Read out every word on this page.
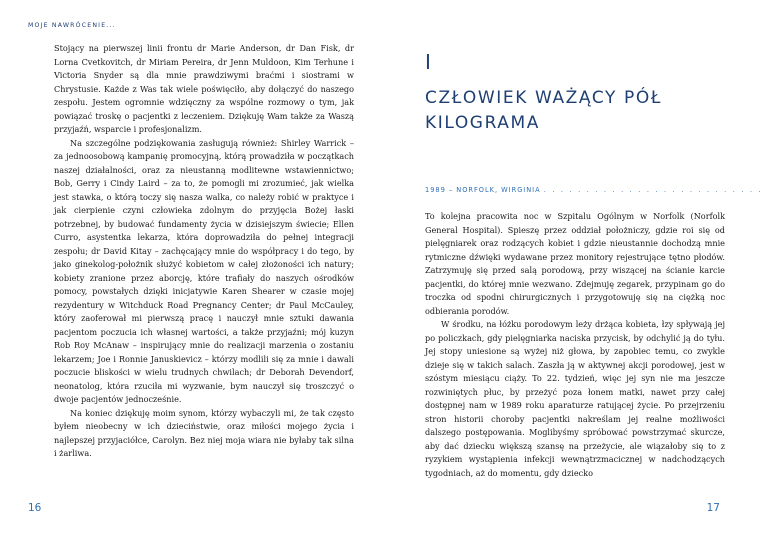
MOJE NAWRÓCENIE...

Stojący na pierwszej linii frontu dr Marie Anderson, dr Dan Fisk, dr Lorna Cvetkovitch, dr Miriam Pereira, dr Jenn Muldoon, Kim Terhune i Victoria Snyder są dla mnie prawdziwymi braćmi i siostrami w Chrystusie. Każde z Was tak wiele poświęciło, aby dołączyć do naszego zespołu. Jestem ogromnie wdzięczny za wspólne rozmowy o tym, jak powiązać troskę o pacjentki z leczeniem. Dziękuję Wam także za Waszą przyjaźń, wsparcie i profesjonalizm.

Na szczególne podziękowania zasługują również: Shirley Warrick – za jednoosobową kampanię promocyjną, którą prowadziła w początkach naszej działalności, oraz za nieustanną modlitewne wstawiennictwo; Bob, Gerry i Cindy Laird – za to, że pomogli mi zrozumieć, jak wielka jest stawka, o którą toczy się nasza walka, co należy robić w praktyce i jak cierpienie czyni człowieka zdolnym do przyjęcia Bożej łaski potrzebnej, by budować fundamenty życia w dzisiejszym świecie; Ellen Curro, asystentka lekarza, która doprowadziła do pełnej integracji zespołu; dr David Kitay – zachęcający mnie do współpracy i do tego, by jako ginekolog-położnik służyć kobietom w całej złożoności ich natury; kobiety zranione przez aborcję, które trafiały do naszych ośrodków pomocy, powstałych dzięki inicjatywie Karen Shearer w czasie mojej rezydentury w Witchduck Road Pregnancy Center; dr Paul McCauley, który zaoferował mi pierwszą pracę i nauczył mnie sztuki dawania pacjentom poczucia ich własnej wartości, a także przyjaźni; mój kuzyn Rob Roy McAnaw – inspirujący mnie do realizacji marzenia o zostaniu lekarzem; Joe i Ronnie Januskievicz – którzy modlili się za mnie i dawali poczucie bliskości w wielu trudnych chwilach; dr Deborah Devendorf, neonatolog, która rzuciła mi wyzwanie, bym nauczył się troszczyć o dwoje pacjentów jednocześnie.

Na koniec dziękuję moim synom, którzy wybaczyli mi, że tak często byłem nieobecny w ich dzieciństwie, oraz miłości mojego życia i najlepszej przyjaciółce, Carolyn. Bez niej moja wiara nie byłaby tak silna i żarliwa.

16
I
CZŁOWIEK WAŻĄCY PÓŁ KILOGRAMA
1989 – NORFOLK, WIRGINIA . . . . . . . . . . . . . . . . . . . . . . . . . .

To kolejna pracowita noc w Szpitalu Ogólnym w Norfolk (Norfolk General Hospital). Spieszę przez oddział położniczy, gdzie roi się od pielęgniarek oraz rodzących kobiet i gdzie nieustannie dochodzą mnie rytmiczne dźwięki wydawane przez monitory rejestrujące tętno płodów. Zatrzymuję się przed salą porodową, przy wiszącej na ścianie karcie pacjentki, do której mnie wezwano. Zdejmuję zegarek, przypinam go do troczka od spodni chirurgicznych i przygotowuję się na ciężką noc odbierania porodów.

W środku, na łóżku porodowym leży drżąca kobieta, łzy spływają jej po policzkach, gdy pielęgniarka naciska przycisk, by odchylić ją do tyłu. Jej stopy uniesione są wyżej niż głowa, by zapobiec temu, co zwykle dzieje się w takich salach. Zaszła ją w aktywnej akcji porodowej, jest w szóstym miesiącu ciąży. To 22. tydzień, więc jej syn nie ma jeszcze rozwiniętych płuc, by przeżyć poza łonem matki, nawet przy całej dostępnej nam w 1989 roku aparaturze ratującej życie. Po przejrzeniu stron historii choroby pacjentki nakreślam jej realne możliwości dalszego postępowania. Moglibyśmy spróbować powstrzymać skurcze, aby dać dziecku większą szansę na przeżycie, ale wiązałoby się to z ryzykiem wystąpienia infekcji wewnątrzmacicznej w nadchodzących tygodniach, aż do momentu, gdy dziecko

17
